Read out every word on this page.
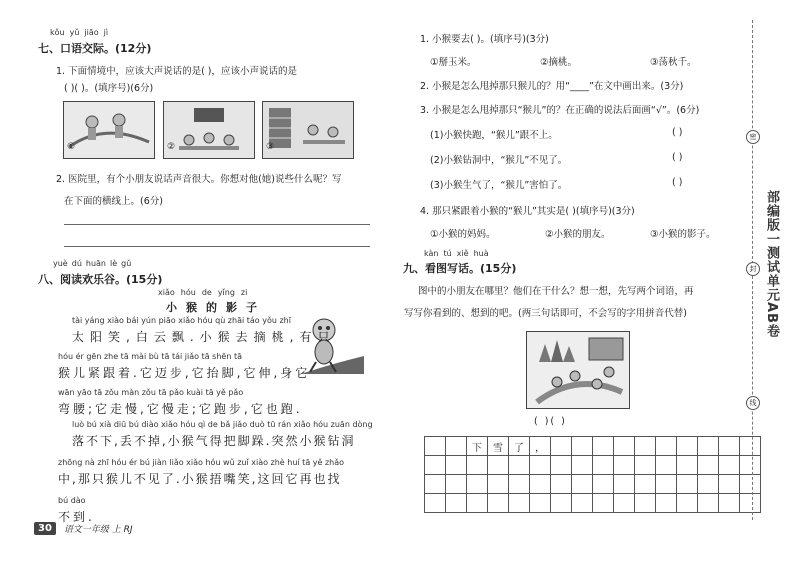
kǒu yǔ jiāo jì
七、口语交际。(12分)
1. 下面情境中，应该大声说话的是( )，应该小声说话的是
( )( )。(填序号)(6分)
①	②	③
2. 医院里，有个小朋友说话声音很大。你想对他(她)说些什么呢？写
在下面的横线上。(6分)
yuè dú huān lè gǔ
八、阅读欢乐谷。(15分)
xiǎo hóu de yǐng zi
小 猴 的 影 子
tài yáng xiào bái yún piāo xiǎo hóu qù zhāi táo yǒu zhī
太阳笑,白云飘.小猴去摘桃,有只
hóu ér gēn zhe tā mài bù tā tái jiǎo tā shēn tā
猴儿紧跟着.它迈步,它抬脚,它伸,身它
wān yāo tā zǒu màn zǒu tā pǎo kuài tā yě pǎo
弯腰;它走慢,它慢走;它跑步,它也跑.
luò bú xià diū bú diào xiǎo hóu qì de bǎ jiǎo duò tū rán xiǎo hóu zuān dòng
落不下,丢不掉,小猴气得把脚跺.突然小猴钻洞
zhōng nà zhī hóu ér bú jiàn liǎo xiǎo hóu wǔ zuǐ xiào zhè huí tā yě zhǎo
中,那只猴儿不见了.小猴捂嘴笑,这回它再也找
bú dào
不到.
30	语文一年级 上 RJ
1. 小猴要去( )。(填序号)(3分)
①掰玉米。	②摘桃。	③荡秋千。
2. 小猴是怎么甩掉那只猴儿的？用“____”在文中画出来。(3分)
3. 小猴是怎么甩掉那只“猴儿”的？在正确的说法后面画“√”。(6分)
(1)小猴快跑，“猴儿”跟不上。	( )
(2)小猴钻洞中，“猴儿”不见了。	( )
(3)小猴生气了，“猴儿”害怕了。	( )
4. 那只紧跟着小猴的“猴儿”其实是( )(填序号)(3分)
①小猴的妈妈。	②小猴的朋友。	③小猴的影子。
kàn tú xiě huà
九、看图写话。(15分)
图中的小朋友在哪里？他们在干什么？想一想，先写两个词语，再
写写你看到的、想到的吧。(两三句话即可，不会写的字用拼音代替)
( )( )
		下	雪	了	，										

密
封
线
部编版一测试单元AB卷
